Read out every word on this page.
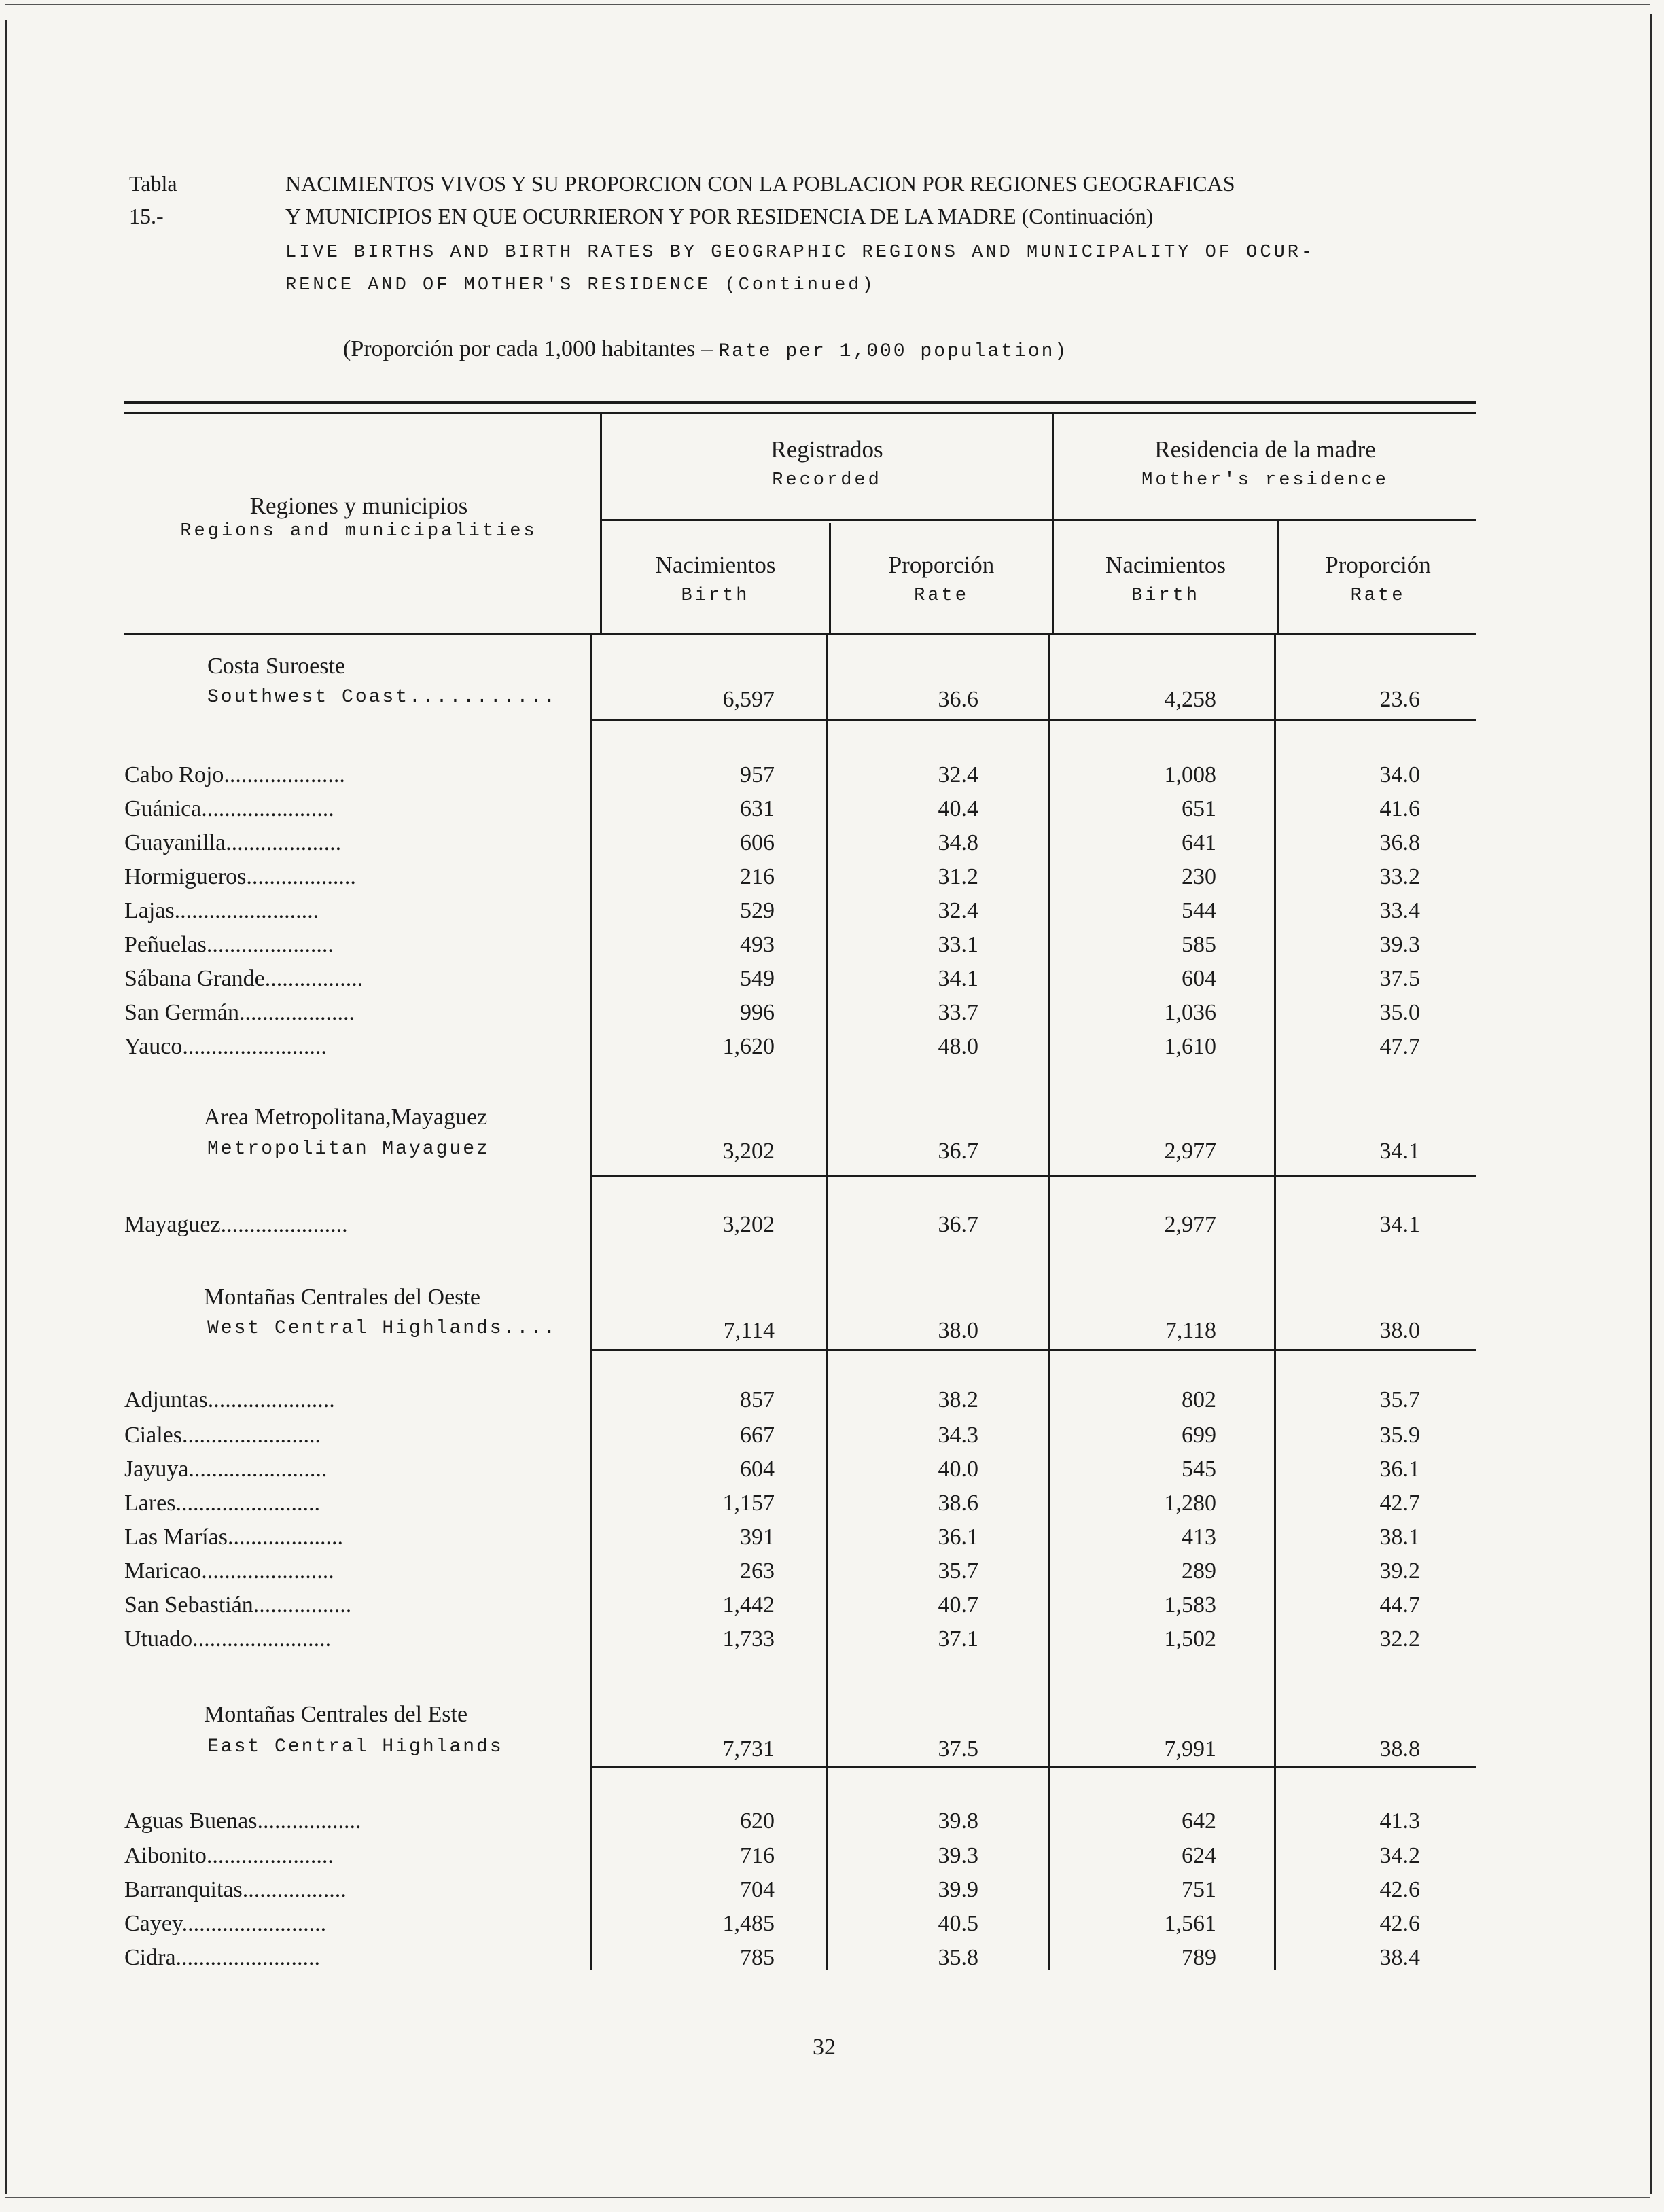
Tabla 15.-
NACIMIENTOS VIVOS Y SU PROPORCION CON LA POBLACION POR REGIONES GEOGRAFICAS
Y MUNICIPIOS EN QUE OCURRIERON Y POR RESIDENCIA DE LA MADRE (Continuación)
LIVE BIRTHS AND BIRTH RATES BY GEOGRAPHIC REGIONS AND MUNICIPALITY OF OCUR-
RENCE AND OF MOTHER'S RESIDENCE (Continued)
(Proporción por cada 1,000 habitantes – Rate per 1,000 population)
Regiones y municipios
Regions and municipalities
Registrados
Recorded
Residencia de la madre
Mother's residence
Nacimientos
Birth
Proporción
Rate
Nacimientos
Birth
Proporción
Rate
Costa Suroeste
Southwest Coast...........	6,597	36.6	4,258	23.6
Cabo Rojo.....................	957	32.4	1,008	34.0
Guánica.......................	631	40.4	651	41.6
Guayanilla....................	606	34.8	641	36.8
Hormigueros...................	216	31.2	230	33.2
Lajas.........................	529	32.4	544	33.4
Peñuelas......................	493	33.1	585	39.3
Sábana Grande.................	549	34.1	604	37.5
San Germán....................	996	33.7	1,036	35.0
Yauco.........................	1,620	48.0	1,610	47.7
Area Metropolitana,Mayaguez
Metropolitan Mayaguez	3,202	36.7	2,977	34.1
Mayaguez......................	3,202	36.7	2,977	34.1
Montañas Centrales del Oeste
West Central Highlands....	7,114	38.0	7,118	38.0
Adjuntas......................	857	38.2	802	35.7
Ciales........................	667	34.3	699	35.9
Jayuya........................	604	40.0	545	36.1
Lares.........................	1,157	38.6	1,280	42.7
Las Marías....................	391	36.1	413	38.1
Maricao.......................	263	35.7	289	39.2
San Sebastián.................	1,442	40.7	1,583	44.7
Utuado........................	1,733	37.1	1,502	32.2
Montañas Centrales del Este
East Central Highlands	7,731	37.5	7,991	38.8
Aguas Buenas..................	620	39.8	642	41.3
Aibonito......................	716	39.3	624	34.2
Barranquitas..................	704	39.9	751	42.6
Cayey.........................	1,485	40.5	1,561	42.6
Cidra.........................	785	35.8	789	38.4
32
